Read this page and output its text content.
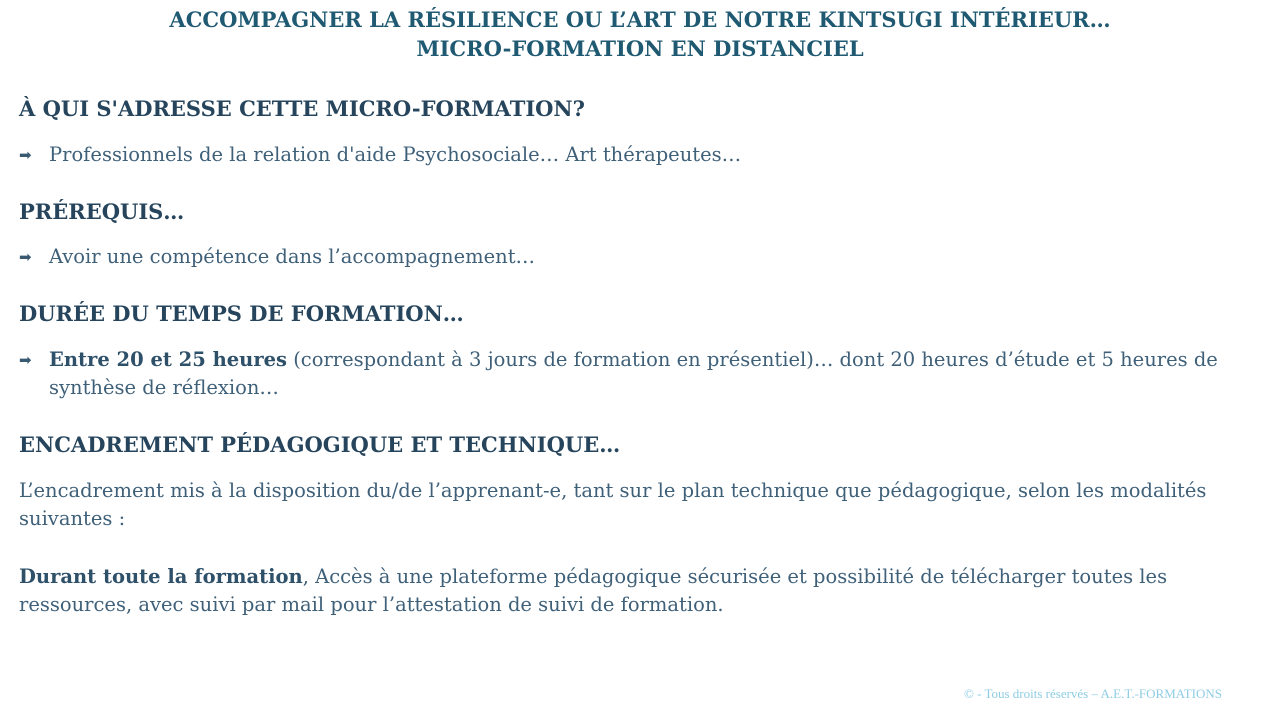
ACCOMPAGNER LA RÉSILIENCE OU L’ART DE NOTRE KINTSUGI INTÉRIEUR…
MICRO-FORMATION EN DISTANCIEL
À QUI S'ADRESSE CETTE MICRO-FORMATION?
➡ Professionnels de la relation d'aide Psychosociale… Art thérapeutes…
PRÉREQUIS…
➡ Avoir une compétence dans l’accompagnement…
DURÉE DU TEMPS DE FORMATION…
➡ Entre 20 et 25 heures (correspondant à 3 jours de formation en présentiel)… dont 20 heures d’étude et 5 heures de synthèse de réflexion…
ENCADREMENT PÉDAGOGIQUE ET TECHNIQUE…

L’encadrement mis à la disposition du/de l’apprenant-e, tant sur le plan technique que pédagogique, selon les modalités suivantes :

Durant toute la formation, Accès à une plateforme pédagogique sécurisée et possibilité de télécharger toutes les ressources, avec suivi par mail pour l’attestation de suivi de formation.

© - Tous droits réservés – A.E.T.-FORMATIONS
